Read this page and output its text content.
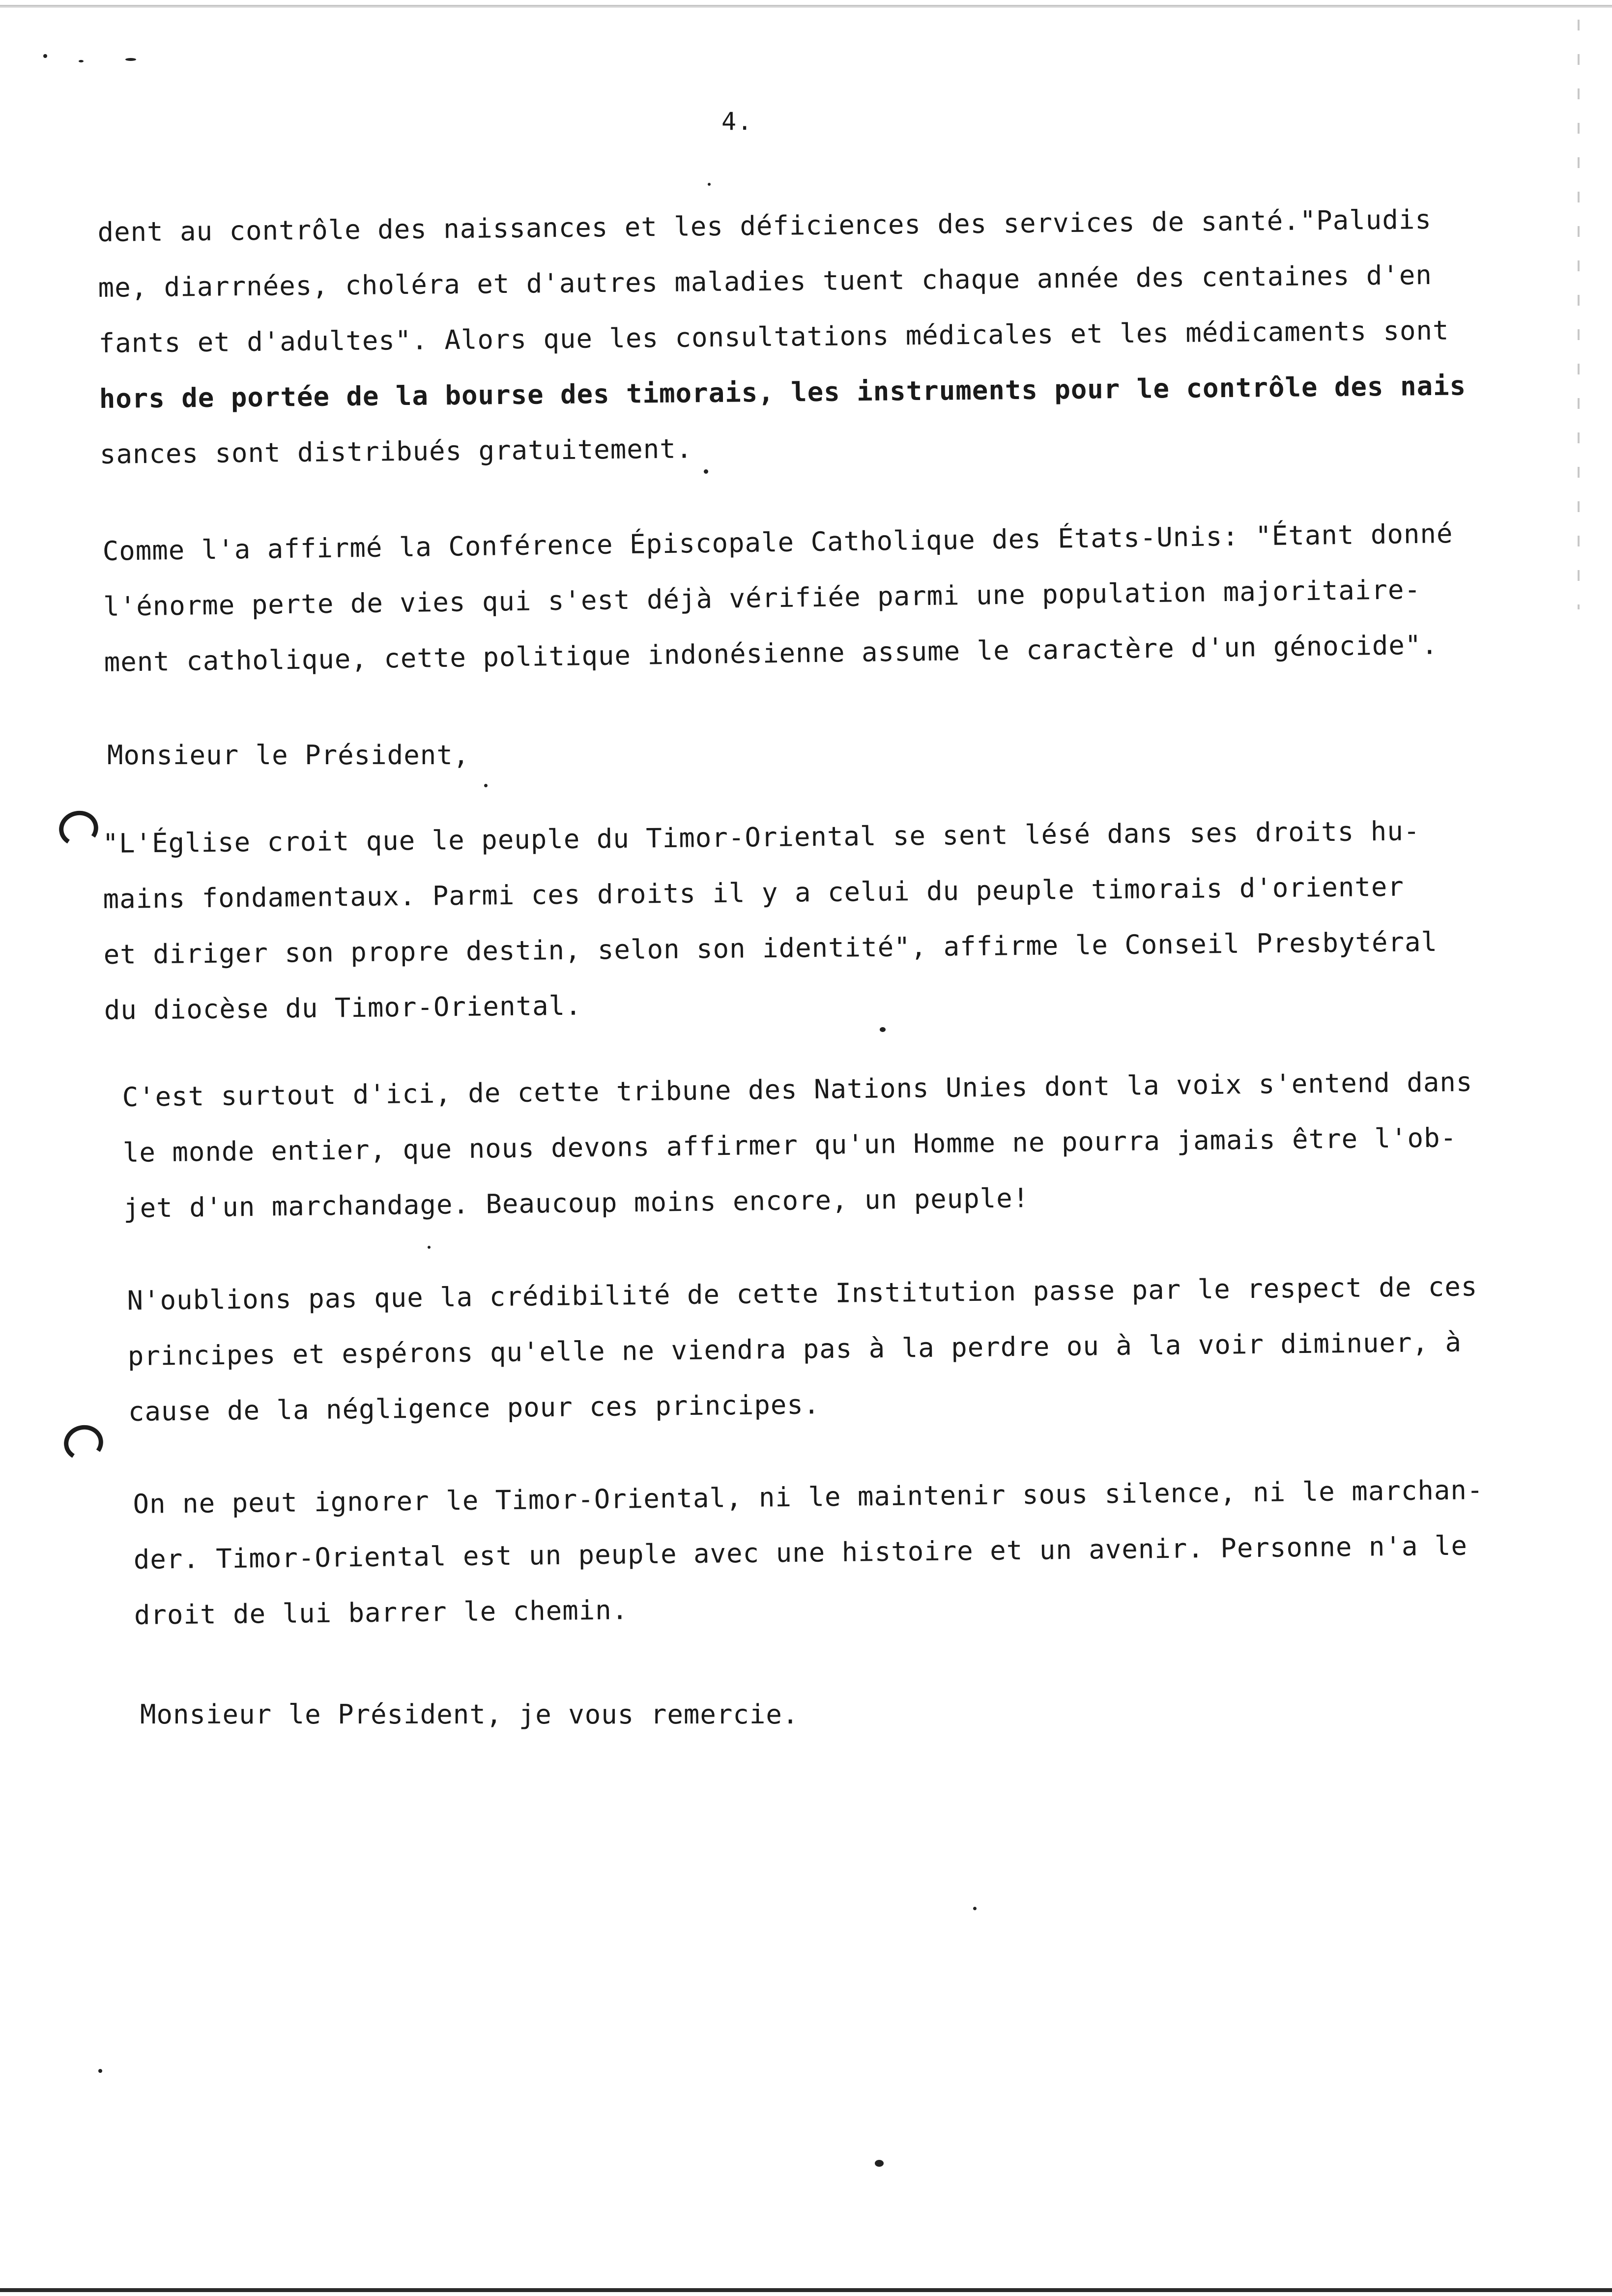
4.

dent au contrôle des naissances et les déficiences des services de santé."Paludis
me, diarrnées, choléra et d'autres maladies tuent chaque année des centaines d'en
fants et d'adultes". Alors que les consultations médicales et les médicaments sont
hors de portée de la bourse des timorais, les instruments pour le contrôle des nais
sances sont distribués gratuitement.

Comme l'a affirmé la Conférence Épiscopale Catholique des États-Unis: "Étant donné
l'énorme perte de vies qui s'est déjà vérifiée parmi une population majoritaire-
ment catholique, cette politique indonésienne assume le caractère d'un génocide".

Monsieur le Président,

"L'Église croit que le peuple du Timor-Oriental se sent lésé dans ses droits hu-
mains fondamentaux. Parmi ces droits il y a celui du peuple timorais d'orienter
et diriger son propre destin, selon son identité", affirme le Conseil Presbytéral
du diocèse du Timor-Oriental.

C'est surtout d'ici, de cette tribune des Nations Unies dont la voix s'entend dans
le monde entier, que nous devons affirmer qu'un Homme ne pourra jamais être l'ob-
jet d'un marchandage. Beaucoup moins encore, un peuple!

N'oublions pas que la crédibilité de cette Institution passe par le respect de ces
principes et espérons qu'elle ne viendra pas à la perdre ou à la voir diminuer, à
cause de la négligence pour ces principes.

On ne peut ignorer le Timor-Oriental, ni le maintenir sous silence, ni le marchan-
der. Timor-Oriental est un peuple avec une histoire et un avenir. Personne n'a le
droit de lui barrer le chemin.

Monsieur le Président, je vous remercie.
